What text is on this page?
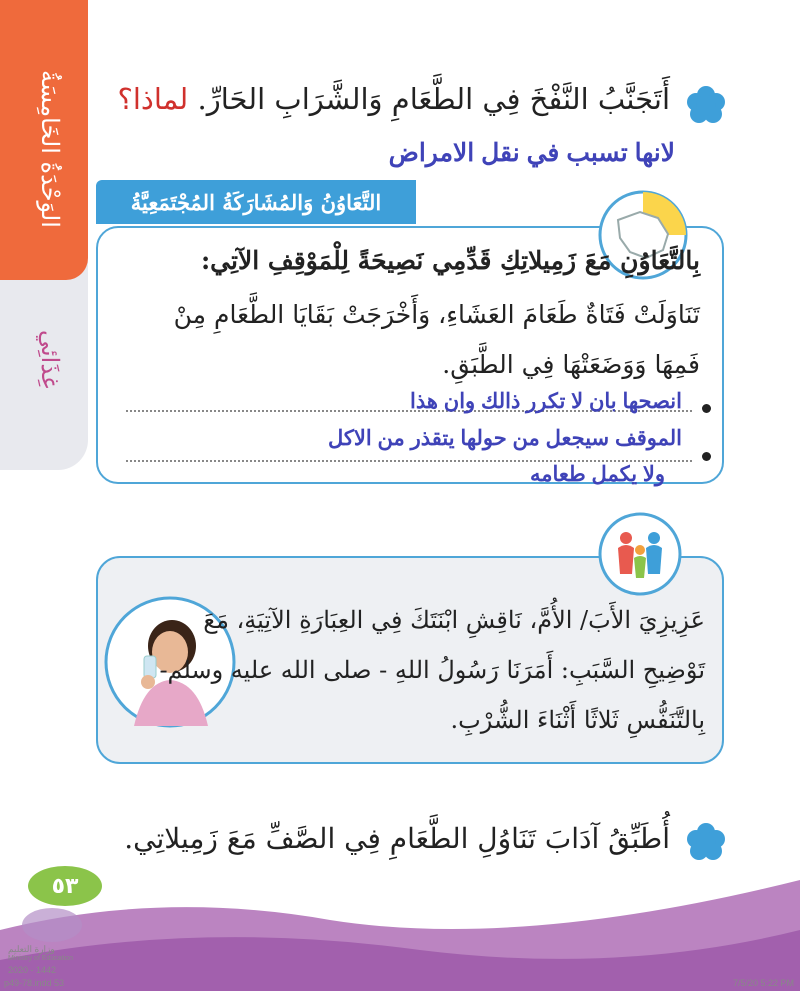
الوَحْدَةُ الخَامِسَةُ
غِذَائِي
أَتَجَنَّبُ النَّفْخَ فِي الطَّعَامِ وَالشَّرَابِ الحَارِّ. لماذا؟
لانها تسبب في نقل الامراض
التَّعَاوُنُ وَالمُشَارَكَةُ المُجْتَمَعِيَّةُ
بِالتَّعَاوُنِ مَعَ زَمِيلاتِكِ قَدِّمِي نَصِيحَةً لِلْمَوْقِفِ الآتِي:
تَنَاوَلَتْ فَتَاةٌ طَعَامَ العَشَاءِ، وَأَخْرَجَتْ بَقَايَا الطَّعَامِ مِنْ
فَمِهَا وَوَضَعَتْهَا فِي الطَّبَقِ.
انصحها بان لا تكرر ذالك وان هذا
الموقف سيجعل من حولها يتقذر من الاكل
ولا يكمل طعامه
عَزِيزِيَ الأَبَ/ الأُمَّ، نَاقِشِ ابْنَتَكَ فِي العِبَارَةِ الآتِيَةِ، مَعَ
تَوْضِيحِ السَّبَبِ: أَمَرَنَا رَسُولُ اللهِ - صلى الله عليه وسلم-
بِالتَّنَفُّسِ ثَلاثًا أَثْنَاءَ الشُّرْبِ.
أُطَبِّقُ آدَابَ تَنَاوُلِ الطَّعَامِ فِي الصَّفِّ مَعَ زَمِيلاتِي.
٥٣
وزارة التعليم
Ministry of Education
2020 - 1442
p49-78.indd 53	7/5/20 5:22 PM
